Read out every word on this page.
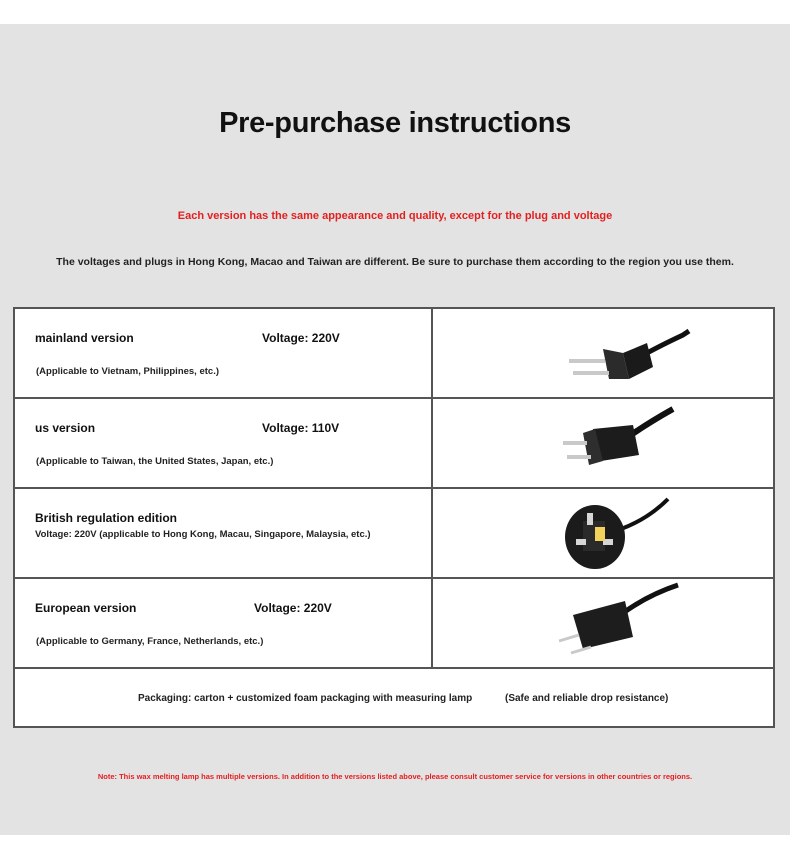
Pre-purchase instructions
Each version has the same appearance and quality, except for the plug and voltage
The voltages and plugs in Hong Kong, Macao and Taiwan are different. Be sure to purchase them according to the region you use them.
mainland version Voltage: 220V
(Applicable to Vietnam, Philippines, etc.)

us version Voltage: 110V
(Applicable to Taiwan, the United States, Japan, etc.)

British regulation edition
Voltage: 220V (applicable to Hong Kong, Macau, Singapore, Malaysia, etc.)

European version Voltage: 220V
(Applicable to Germany, France, Netherlands, etc.)

Packaging: carton + customized foam packaging with measuring lamp (Safe and reliable drop resistance)	
Note: This wax melting lamp has multiple versions. In addition to the versions listed above, please consult customer service for versions in other countries or regions.
